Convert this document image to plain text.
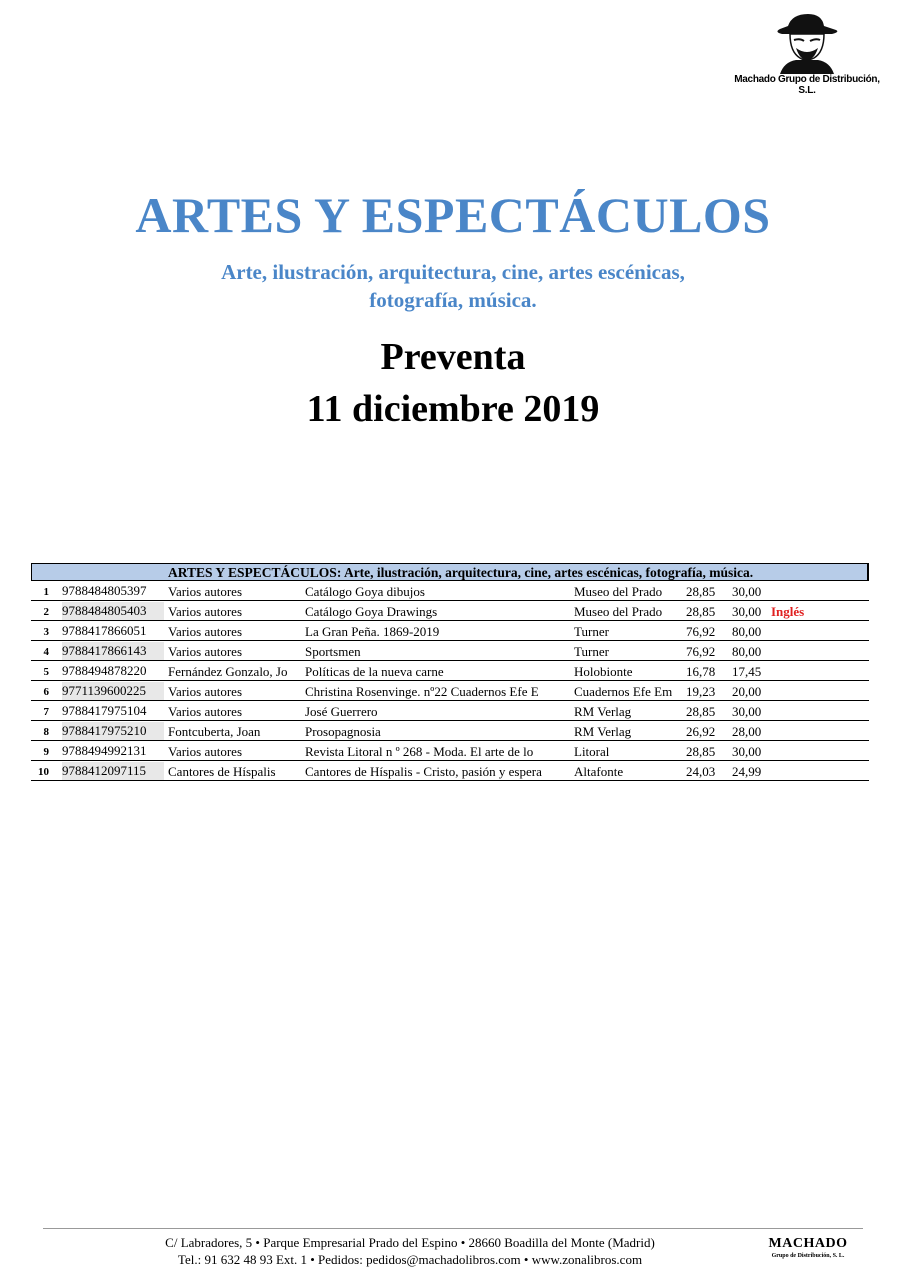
Machado Grupo de Distribución, S.L.
ARTES Y ESPECTÁCULOS
Arte, ilustración, arquitectura, cine, artes escénicas,
fotografía, música.
Preventa
11 diciembre 2019
ARTES Y ESPECTÁCULOS: Arte, ilustración, arquitectura, cine, artes escénicas, fotografía, música.
1 9788484805397	Varios autores	Catálogo Goya dibujos	Museo del Prado	28,85 30,00
2 9788484805403	Varios autores	Catálogo Goya Drawings	Museo del Prado	28,85 30,00 Inglés
3 9788417866051	Varios autores	La Gran Peña. 1869-2019	Turner	76,92 80,00
4 9788417866143	Varios autores	Sportsmen	Turner	76,92 80,00
5 9788494878220	Fernández Gonzalo, Jo	Políticas de la nueva carne	Holobionte	16,78 17,45
6 9771139600225	Varios autores	Christina Rosenvinge. nº22 Cuadernos Efe E	Cuadernos Efe Em	19,23 20,00
7 9788417975104	Varios autores	José Guerrero	RM Verlag	28,85 30,00
8 9788417975210	Fontcuberta, Joan	Prosopagnosia	RM Verlag	26,92 28,00
9 9788494992131	Varios autores	Revista Litoral n º 268 - Moda. El arte de lo	Litoral	28,85 30,00
10 9788412097115	Cantores de Híspalis	Cantores de Híspalis - Cristo, pasión y espera	Altafonte	24,03 24,99
C/ Labradores, 5 • Parque Empresarial Prado del Espino • 28660 Boadilla del Monte (Madrid)
Tel.: 91 632 48 93 Ext. 1 • Pedidos: pedidos@machadolibros.com • www.zonalibros.com
MACHADO
Grupo de Distribución, S. L.
